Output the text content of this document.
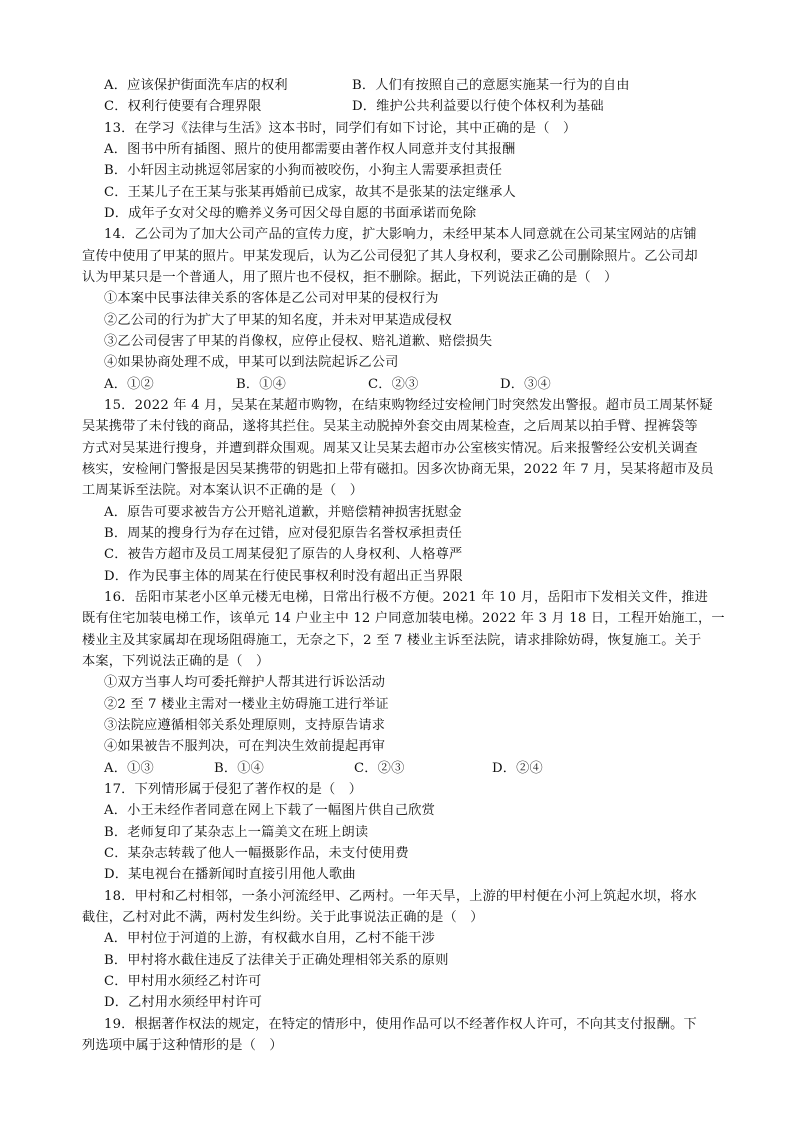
A．应该保护街面洗车店的权利	B．人们有按照自己的意愿实施某一行为的自由
C．权利行使要有合理界限	D．维护公共利益要以行使个体权利为基础
13．在学习《法律与生活》这本书时，同学们有如下讨论，其中正确的是（　）
A．图书中所有插图、照片的使用都需要由著作权人同意并支付其报酬
B．小轩因主动挑逗邻居家的小狗而被咬伤，小狗主人需要承担责任
C．王某儿子在王某与张某再婚前已成家，故其不是张某的法定继承人
D．成年子女对父母的赡养义务可因父母自愿的书面承诺而免除
14．乙公司为了加大公司产品的宣传力度，扩大影响力，未经甲某本人同意就在公司某宝网站的店铺
宣传中使用了甲某的照片。甲某发现后，认为乙公司侵犯了其人身权利，要求乙公司删除照片。乙公司却
认为甲某只是一个普通人，用了照片也不侵权，拒不删除。据此，下列说法正确的是（　）
①本案中民事法律关系的客体是乙公司对甲某的侵权行为
②乙公司的行为扩大了甲某的知名度，并未对甲某造成侵权
③乙公司侵害了甲某的肖像权，应停止侵权、赔礼道歉、赔偿损失
④如果协商处理不成，甲某可以到法院起诉乙公司
A．①②	B．①④	C．②③	D．③④
15．2022 年 4 月，吴某在某超市购物，在结束购物经过安检闸门时突然发出警报。超市员工周某怀疑
吴某携带了未付钱的商品，遂将其拦住。吴某主动脱掉外套交由周某检查，之后周某以拍手臂、捏裤袋等
方式对吴某进行搜身，并遭到群众围观。周某又让吴某去超市办公室核实情况。后来报警经公安机关调查
核实，安检闸门警报是因吴某携带的钥匙扣上带有磁扣。因多次协商无果，2022 年 7 月，吴某将超市及员
工周某诉至法院。对本案认识不正确的是（　）
A．原告可要求被告方公开赔礼道歉，并赔偿精神损害抚慰金
B．周某的搜身行为存在过错，应对侵犯原告名誉权承担责任
C．被告方超市及员工周某侵犯了原告的人身权利、人格尊严
D．作为民事主体的周某在行使民事权利时没有超出正当界限
16．岳阳市某老小区单元楼无电梯，日常出行极不方便。2021 年 10 月，岳阳市下发相关文件，推进
既有住宅加装电梯工作，该单元 14 户业主中 12 户同意加装电梯。2022 年 3 月 18 日，工程开始施工，一
楼业主及其家属却在现场阻碍施工，无奈之下，2 至 7 楼业主诉至法院，请求排除妨碍，恢复施工。关于
本案，下列说法正确的是（　）
①双方当事人均可委托辩护人帮其进行诉讼活动
②2 至 7 楼业主需对一楼业主妨碍施工进行举证
③法院应遵循相邻关系处理原则，支持原告请求
④如果被告不服判决，可在判决生效前提起再审
A．①③	B．①④	C．②③	D．②④
17．下列情形属于侵犯了著作权的是（　）
A．小王未经作者同意在网上下载了一幅图片供自己欣赏
B．老师复印了某杂志上一篇美文在班上朗读
C．某杂志转载了他人一幅摄影作品，未支付使用费
D．某电视台在播新闻时直接引用他人歌曲
18．甲村和乙村相邻，一条小河流经甲、乙两村。一年天旱，上游的甲村便在小河上筑起水坝，将水
截住，乙村对此不满，两村发生纠纷。关于此事说法正确的是（　）
A．甲村位于河道的上游，有权截水自用，乙村不能干涉
B．甲村将水截住违反了法律关于正确处理相邻关系的原则
C．甲村用水须经乙村许可
D．乙村用水须经甲村许可
19．根据著作权法的规定，在特定的情形中，使用作品可以不经著作权人许可，不向其支付报酬。下
列选项中属于这种情形的是（　）
